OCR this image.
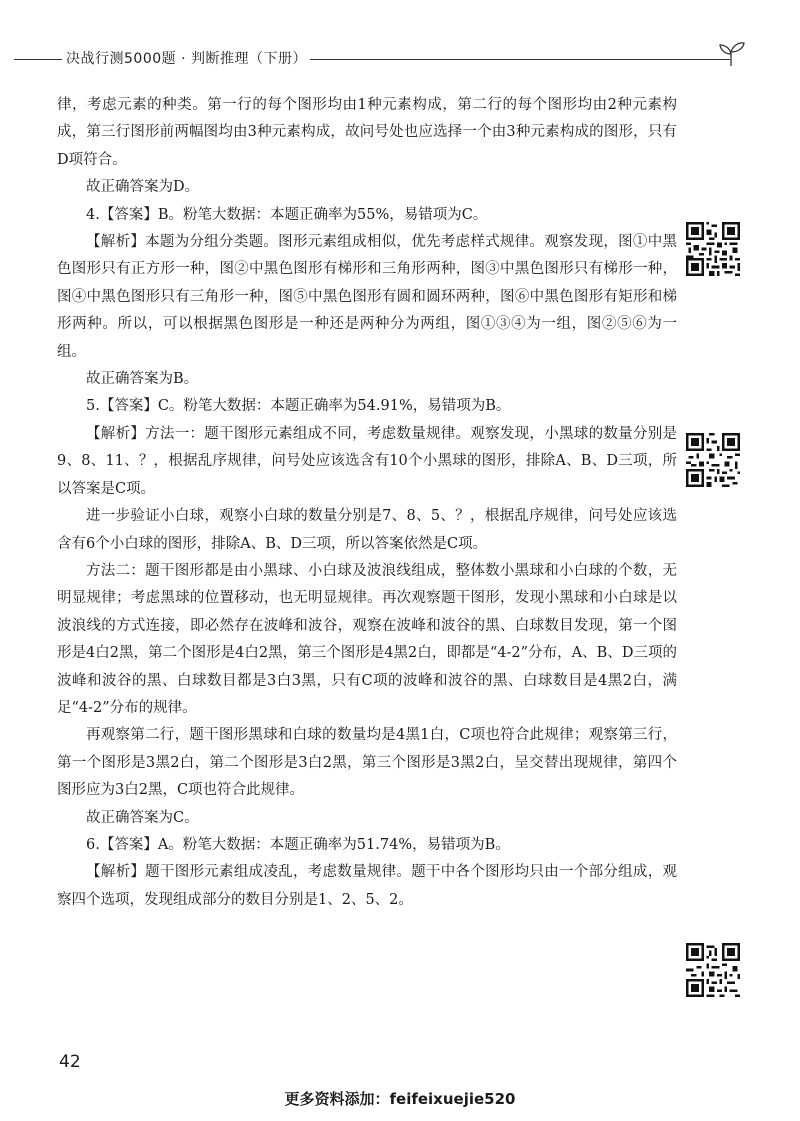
决战行测5000题 · 判断推理（下册）

律，考虑元素的种类。第一行的每个图形均由1种元素构成，第二行的每个图形均由2种元素构成，第三行图形前两幅图均由3种元素构成，故问号处也应选择一个由3种元素构成的图形，只有D项符合。

故正确答案为D。

4.【答案】B。粉笔大数据：本题正确率为55%，易错项为C。

【解析】本题为分组分类题。图形元素组成相似，优先考虑样式规律。观察发现，图①中黑色图形只有正方形一种，图②中黑色图形有梯形和三角形两种，图③中黑色图形只有梯形一种，图④中黑色图形只有三角形一种，图⑤中黑色图形有圆和圆环两种，图⑥中黑色图形有矩形和梯形两种。所以，可以根据黑色图形是一种还是两种分为两组，图①③④为一组，图②⑤⑥为一组。

故正确答案为B。

5.【答案】C。粉笔大数据：本题正确率为54.91%，易错项为B。

【解析】方法一：题干图形元素组成不同，考虑数量规律。观察发现，小黑球的数量分别是9、8、11、？，根据乱序规律，问号处应该选含有10个小黑球的图形，排除A、B、D三项，所以答案是C项。

进一步验证小白球，观察小白球的数量分别是7、8、5、？，根据乱序规律，问号处应该选含有6个小白球的图形，排除A、B、D三项，所以答案依然是C项。

方法二：题干图形都是由小黑球、小白球及波浪线组成，整体数小黑球和小白球的个数，无明显规律；考虑黑球的位置移动，也无明显规律。再次观察题干图形，发现小黑球和小白球是以波浪线的方式连接，即必然存在波峰和波谷，观察在波峰和波谷的黑、白球数目发现，第一个图形是4白2黑，第二个图形是4白2黑，第三个图形是4黑2白，即都是“4-2”分布，A、B、D三项的波峰和波谷的黑、白球数目都是3白3黑，只有C项的波峰和波谷的黑、白球数目是4黑2白，满足“4-2”分布的规律。

再观察第二行，题干图形黑球和白球的数量均是4黑1白，C项也符合此规律；观察第三行，第一个图形是3黑2白，第二个图形是3白2黑，第三个图形是3黑2白，呈交替出现规律，第四个图形应为3白2黑，C项也符合此规律。

故正确答案为C。

6.【答案】A。粉笔大数据：本题正确率为51.74%，易错项为B。

【解析】题干图形元素组成凌乱，考虑数量规律。题干中各个图形均只由一个部分组成，观察四个选项，发现组成部分的数目分别是1、2、5、2。

42
更多资料添加：feifeixuejie520
